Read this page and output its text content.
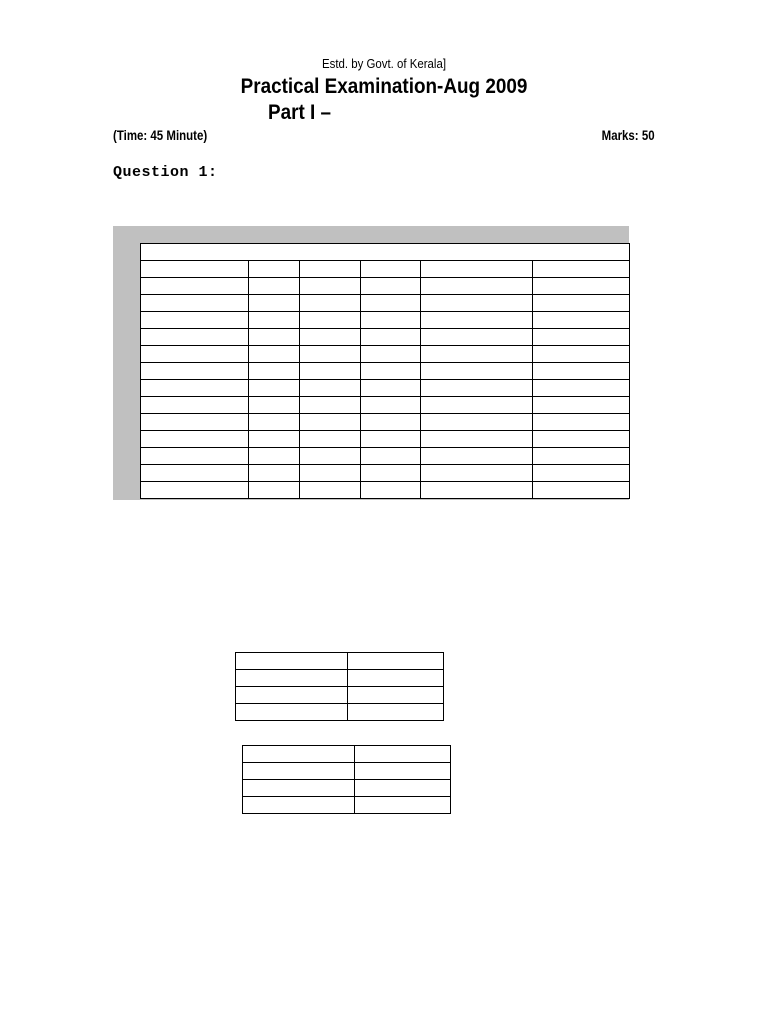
Estd. by Govt. of Kerala]
Practical Examination-Aug 2009
Part I –
(Time: 45 Minute)	Marks: 50
Question 1:
